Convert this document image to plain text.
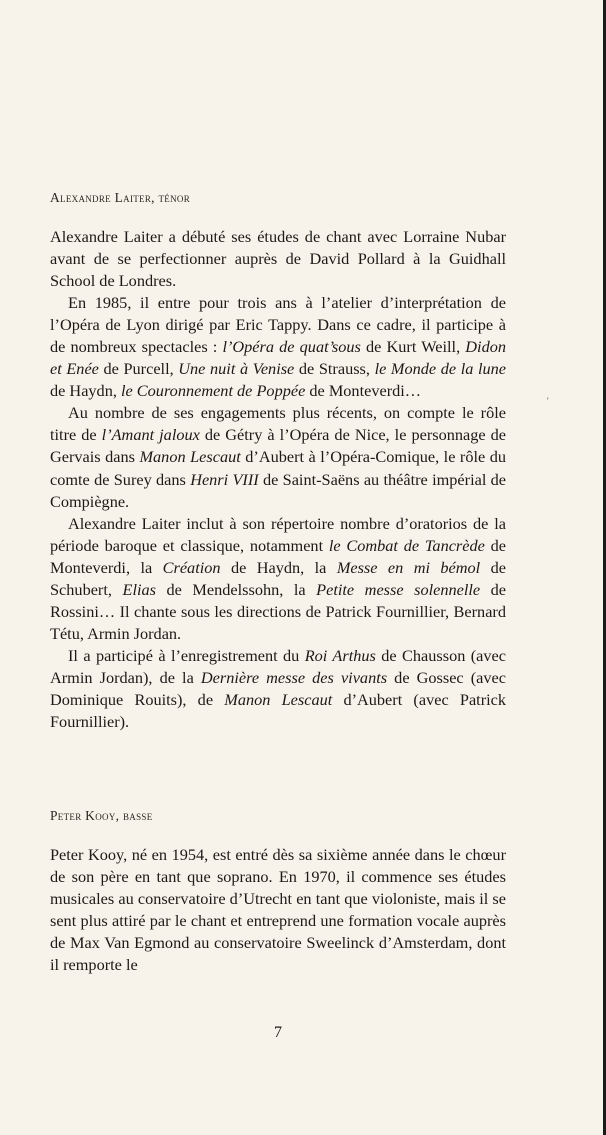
‘
Alexandre Laiter, ténor

Alexandre Laiter a débuté ses études de chant avec Lorraine Nubar avant de se perfectionner auprès de David Pollard à la Guidhall School de Londres.

En 1985, il entre pour trois ans à l’atelier d’interprétation de l’Opéra de Lyon dirigé par Eric Tappy. Dans ce cadre, il participe à de nombreux spectacles : l’Opéra de quat’sous de Kurt Weill, Didon et Enée de Purcell, Une nuit à Venise de Strauss, le Monde de la lune de Haydn, le Couronnement de Poppée de Monteverdi…

Au nombre de ses engagements plus récents, on compte le rôle titre de l’Amant jaloux de Gétry à l’Opéra de Nice, le personnage de Gervais dans Manon Lescaut d’Aubert à l’Opéra-Comique, le rôle du comte de Surey dans Henri VIII de Saint-Saëns au théâtre impérial de Compiègne.

Alexandre Laiter inclut à son répertoire nombre d’oratorios de la période baroque et classique, notamment le Combat de Tancrède de Monteverdi, la Création de Haydn, la Messe en mi bémol de Schubert, Elias de Mendelssohn, la Petite messe solennelle de Rossini… Il chante sous les directions de Patrick Fournillier, Bernard Tétu, Armin Jordan.

Il a participé à l’enregistrement du Roi Arthus de Chausson (avec Armin Jordan), de la Dernière messe des vivants de Gossec (avec Dominique Rouits), de Manon Lescaut d’Aubert (avec Patrick Fournillier).

Peter Kooy, basse

Peter Kooy, né en 1954, est entré dès sa sixième année dans le chœur de son père en tant que soprano. En 1970, il commence ses études musicales au conservatoire d’Utrecht en tant que violoniste, mais il se sent plus attiré par le chant et entreprend une formation vocale auprès de Max Van Egmond au conservatoire Sweelinck d’Amsterdam, dont il remporte le

7
